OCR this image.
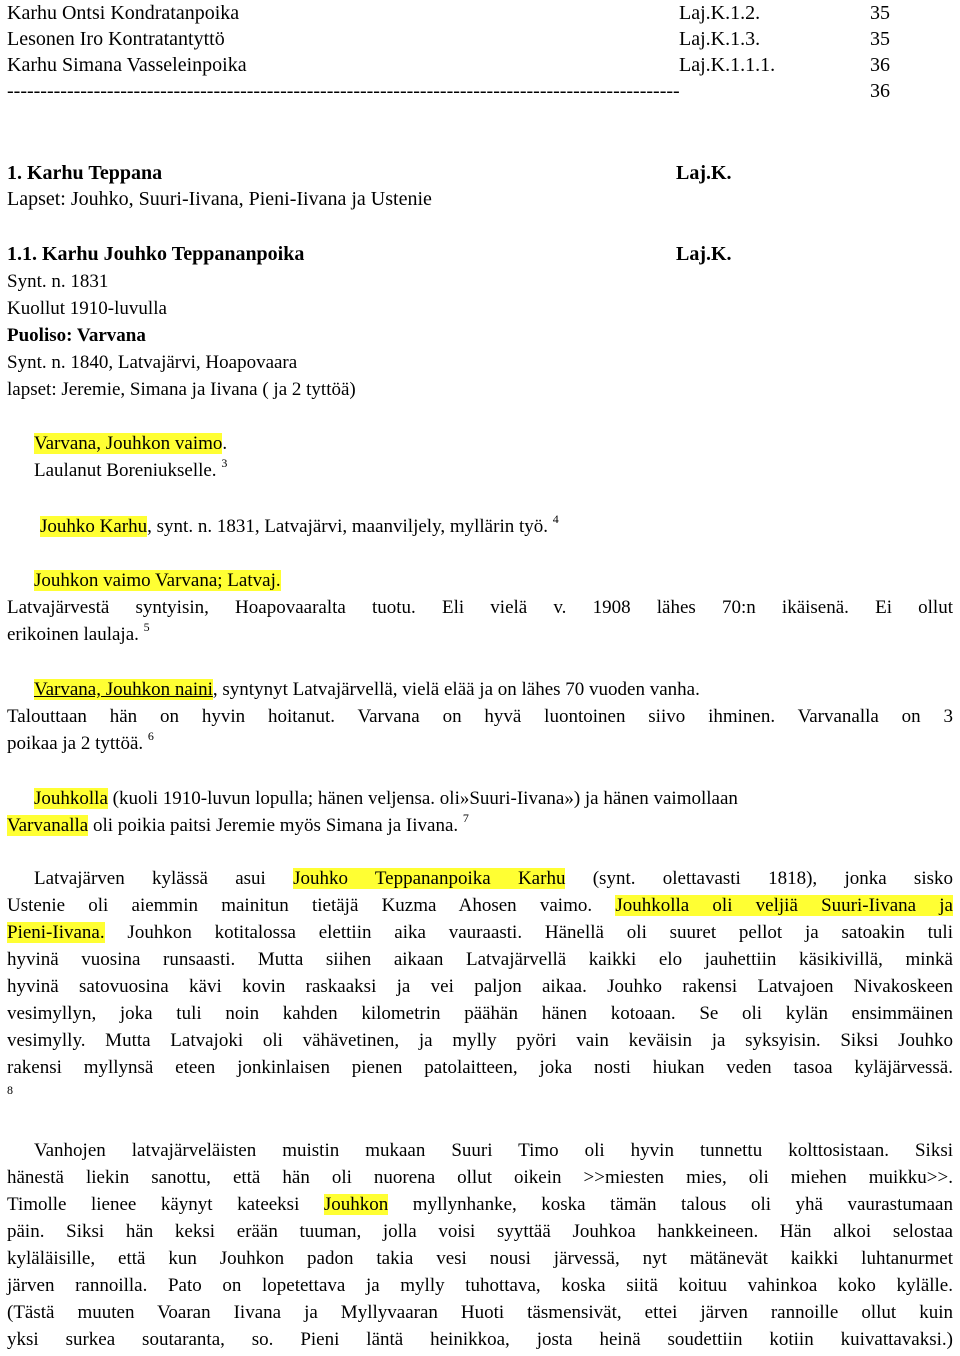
Karhu Ontsi Kondratanpoika	Laj.K.1.2.	35
Lesonen Iro Kontratantyttö	Laj.K.1.3.	35
Karhu Simana Vasseleinpoika	Laj.K.1.1.1.	36
-----------------------------------------------------------------------------------------------------	36
1. Karhu Teppana	Laj.K.
Lapset: Jouhko, Suuri-Iivana, Pieni-Iivana ja Ustenie
1.1. Karhu Jouhko Teppananpoika	Laj.K.
Synt. n. 1831
Kuollut 1910-luvulla
Puoliso: Varvana
Synt. n. 1840, Latvajärvi, Hoapovaara
lapset: Jeremie, Simana ja Iivana ( ja 2 tyttöä)
Varvana, Jouhkon vaimo.
Laulanut Boreniukselle. $^3$
Jouhko Karhu, synt. n. 1831, Latvajärvi, maanviljely, myllärin työ. $^4$
Jouhkon vaimo Varvana; Latvaj.
Latvajärvestä syntyisin, Hoapovaaralta tuotu. Eli vielä v. 1908 lähes 70:n ikäisenä. Ei ollut
erikoinen laulaja. $^5$
Varvana, Jouhkon naini, syntynyt Latvajärvellä, vielä elää ja on lähes 70 vuoden vanha.
Talouttaan hän on hyvin hoitanut. Varvana on hyvä luontoinen siivo ihminen. Varvanalla on 3
poikaa ja 2 tyttöä. $^6$
Jouhkolla (kuoli 1910-luvun lopulla; hänen veljensa. oli»Suuri-Iivana») ja hänen vaimollaan
Varvanalla oli poikia paitsi Jeremie myös Simana ja Iivana. $^7$
Latvajärven kylässä asui Jouhko Teppananpoika Karhu (synt. olettavasti 1818), jonka sisko
Ustenie oli aiemmin mainitun tietäjä Kuzma Ahosen vaimo. Jouhkolla oli veljiä Suuri-Iivana ja
Pieni-Iivana. Jouhkon kotitalossa elettiin aika vauraasti. Hänellä oli suuret pellot ja satoakin tuli
hyvinä vuosina runsaasti. Mutta siihen aikaan Latvajärvellä kaikki elo jauhettiin käsikivillä, minkä
hyvinä satovuosina kävi kovin raskaaksi ja vei paljon aikaa. Jouhko rakensi Latvajoen Nivakoskeen
vesimyllyn, joka tuli noin kahden kilometrin päähän hänen kotoaan. Se oli kylän ensimmäinen
vesimylly. Mutta Latvajoki oli vähävetinen, ja mylly pyöri vain keväisin ja syksyisin. Siksi Jouhko
rakensi myllynsä eteen jonkinlaisen pienen patolaitteen, joka nosti hiukan veden tasoa kyläjärvessä.
8
Vanhojen latvajärveläisten muistin mukaan Suuri Timo oli hyvin tunnettu kolttosistaan. Siksi
hänestä liekin sanottu, että hän oli nuorena ollut oikein >>miesten mies, oli miehen muikku>>.
Timolle lienee käynyt kateeksi Jouhkon myllynhanke, koska tämän talous oli yhä vaurastumaan
päin. Siksi hän keksi erään tuuman, jolla voisi syyttää Jouhkoa hankkeineen. Hän alkoi selostaa
kyläläisille, että kun Jouhkon padon takia vesi nousi järvessä, nyt mätänevät kaikki luhtanurmet
järven rannoilla. Pato on lopetettava ja mylly tuhottava, koska siitä koituu vahinkoa koko kylälle.
(Tästä muuten Voaran Iivana ja Myllyvaaran Huoti täsmensivät, ettei järven rannoille ollut kuin
yksi surkea soutaranta, so. Pieni läntä heinikkoa, josta heinä soudettiin kotiin kuivattavaksi.)
